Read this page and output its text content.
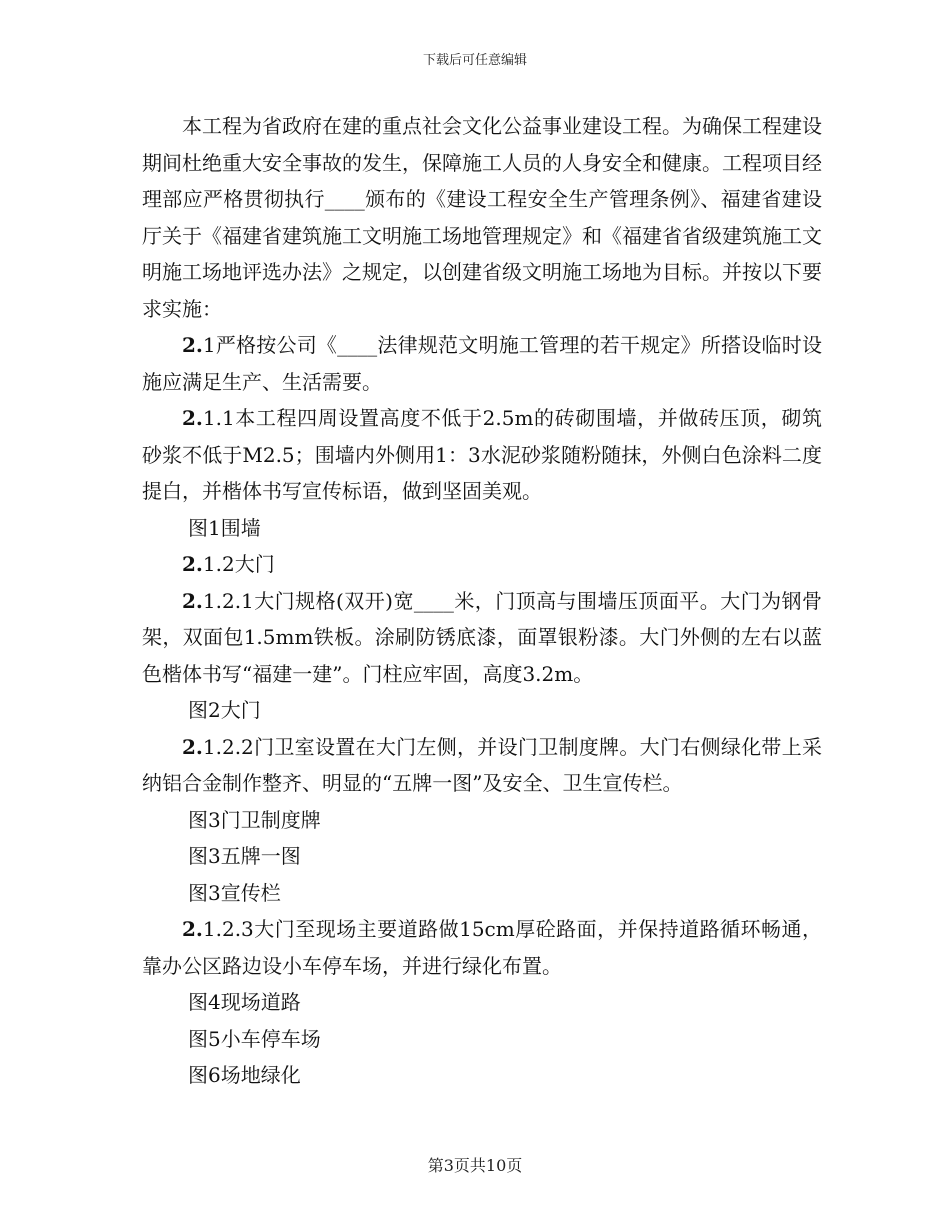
下载后可任意编辑

本工程为省政府在建的重点社会文化公益事业建设工程。为确保工程建设期间杜绝重大安全事故的发生，保障施工人员的人身安全和健康。工程项目经理部应严格贯彻执行____颁布的《建设工程安全生产管理条例》、福建省建设厅关于《福建省建筑施工文明施工场地管理规定》和《福建省省级建筑施工文明施工场地评选办法》之规定，以创建省级文明施工场地为目标。并按以下要求实施：

2.1严格按公司《____法律规范文明施工管理的若干规定》所搭设临时设施应满足生产、生活需要。

2.1.1本工程四周设置高度不低于2.5m的砖砌围墙，并做砖压顶，砌筑砂浆不低于M2.5；围墙内外侧用1：3水泥砂浆随粉随抹，外侧白色涂料二度提白，并楷体书写宣传标语，做到坚固美观。

图1围墙

2.1.2大门

2.1.2.1大门规格(双开)宽____米，门顶高与围墙压顶面平。大门为钢骨架，双面包1.5mm铁板。涂刷防锈底漆，面罩银粉漆。大门外侧的左右以蓝色楷体书写“福建一建”。门柱应牢固，高度3.2m。

图2大门

2.1.2.2门卫室设置在大门左侧，并设门卫制度牌。大门右侧绿化带上采纳铝合金制作整齐、明显的“五牌一图”及安全、卫生宣传栏。

图3门卫制度牌

图3五牌一图

图3宣传栏

2.1.2.3大门至现场主要道路做15cm厚砼路面，并保持道路循环畅通，靠办公区路边设小车停车场，并进行绿化布置。

图4现场道路

图5小车停车场

图6场地绿化

第3页共10页
